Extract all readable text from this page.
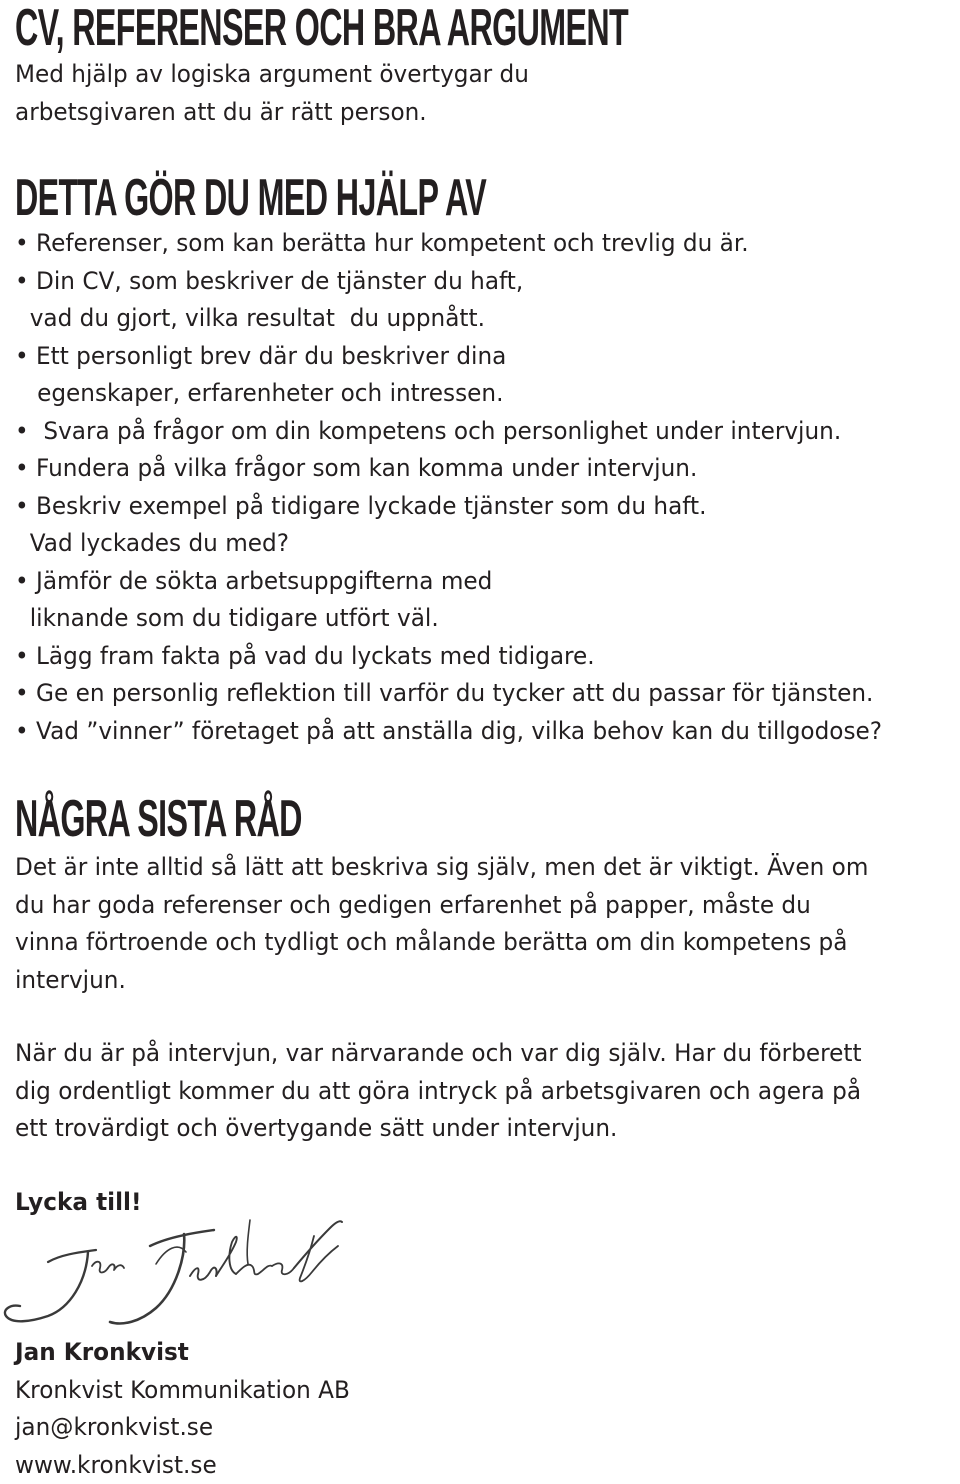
CV, REFERENSER OCH BRA ARGUMENT

Med hjälp av logiska argument övertygar du
arbetsgivaren att du är rätt person.

DETTA GÖR DU MED HJÄLP AV
• Referenser, som kan berätta hur kompetent och trevlig du är.
• Din CV, som beskriver de tjänster du haft,
vad du gjort, vilka resultat  du uppnått.
• Ett personligt brev där du beskriver dina
egenskaper, erfarenheter och intressen.
•  Svara på frågor om din kompetens och personlighet under intervjun.
• Fundera på vilka frågor som kan komma under intervjun.
• Beskriv exempel på tidigare lyckade tjänster som du haft.
Vad lyckades du med?
• Jämför de sökta arbetsuppgifterna med
liknande som du tidigare utfört väl.
• Lägg fram fakta på vad du lyckats med tidigare.
• Ge en personlig reflektion till varför du tycker att du passar för tjänsten.
• Vad ”vinner” företaget på att anställa dig, vilka behov kan du tillgodose?
NÅGRA SISTA RÅD

Det är inte alltid så lätt att beskriva sig själv, men det är viktigt. Även om
du har goda referenser och gedigen erfarenhet på papper, måste du
vinna förtroende och tydligt och målande berätta om din kompetens på
intervjun.

När du är på intervjun, var närvarande och var dig själv. Har du förberett
dig ordentligt kommer du att göra intryck på arbetsgivaren och agera på
ett trovärdigt och övertygande sätt under intervjun.

Lycka till!

Jan Kronkvist
Kronkvist Kommunikation AB
jan@kronkvist.se
www.kronkvist.se
